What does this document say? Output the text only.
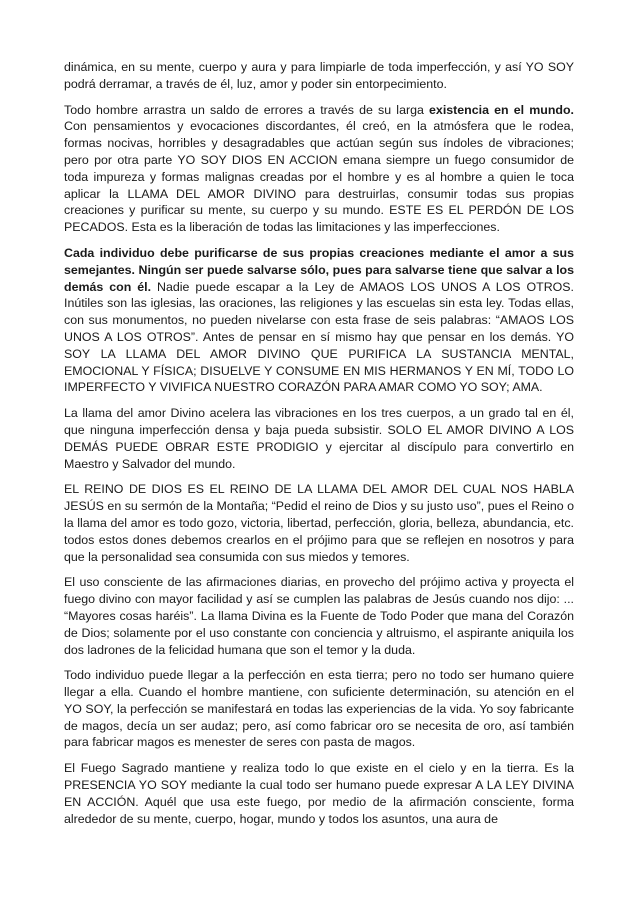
dinámica, en su mente, cuerpo y aura y para limpiarle de toda imperfección, y así YO SOY podrá derramar, a través de él, luz, amor y poder sin entorpecimiento.

Todo hombre arrastra un saldo de errores a través de su larga existencia en el mundo. Con pensamientos y evocaciones discordantes, él creó, en la atmósfera que le rodea, formas nocivas, horribles y desagradables que actúan según sus índoles de vibraciones; pero por otra parte YO SOY DIOS EN ACCION emana siempre un fuego consumidor de toda impureza y formas malignas creadas por el hombre y es al hombre a quien le toca aplicar la LLAMA DEL AMOR DIVINO para destruirlas, consumir todas sus propias creaciones y purificar su mente, su cuerpo y su mundo. ESTE ES EL PERDÓN DE LOS PECADOS. Esta es la liberación de todas las limitaciones y las imperfecciones.

Cada individuo debe purificarse de sus propias creaciones mediante el amor a sus semejantes. Ningún ser puede salvarse sólo, pues para salvarse tiene que salvar a los demás con él. Nadie puede escapar a la Ley de AMAOS LOS UNOS A LOS OTROS. Inútiles son las iglesias, las oraciones, las religiones y las escuelas sin esta ley. Todas ellas, con sus monumentos, no pueden nivelarse con esta frase de seis palabras: “AMAOS LOS UNOS A LOS OTROS”. Antes de pensar en sí mismo hay que pensar en los demás. YO SOY LA LLAMA DEL AMOR DIVINO QUE PURIFICA LA SUSTANCIA MENTAL, EMOCIONAL Y FÍSICA; DISUELVE Y CONSUME EN MIS HERMANOS Y EN MÍ, TODO LO IMPERFECTO Y VIVIFICA NUESTRO CORAZÓN PARA AMAR COMO YO SOY; AMA.

La llama del amor Divino acelera las vibraciones en los tres cuerpos, a un grado tal en él, que ninguna imperfección densa y baja pueda subsistir. SOLO EL AMOR DIVINO A LOS DEMÁS PUEDE OBRAR ESTE PRODIGIO y ejercitar al discípulo para convertirlo en Maestro y Salvador del mundo.

EL REINO DE DIOS ES EL REINO DE LA LLAMA DEL AMOR DEL CUAL NOS HABLA JESÚS en su sermón de la Montaña; “Pedid el reino de Dios y su justo uso”, pues el Reino o la llama del amor es todo gozo, victoria, libertad, perfección, gloria, belleza, abundancia, etc. todos estos dones debemos crearlos en el prójimo para que se reflejen en nosotros y para que la personalidad sea consumida con sus miedos y temores.

El uso consciente de las afirmaciones diarias, en provecho del prójimo activa y proyecta el fuego divino con mayor facilidad y así se cumplen las palabras de Jesús cuando nos dijo: ... “Mayores cosas haréis”. La llama Divina es la Fuente de Todo Poder que mana del Corazón de Dios; solamente por el uso constante con conciencia y altruismo, el aspirante aniquila los dos ladrones de la felicidad humana que son el temor y la duda.

Todo individuo puede llegar a la perfección en esta tierra; pero no todo ser humano quiere llegar a ella. Cuando el hombre mantiene, con suficiente determinación, su atención en el YO SOY, la perfección se manifestará en todas las experiencias de la vida. Yo soy fabricante de magos, decía un ser audaz; pero, así como fabricar oro se necesita de oro, así también para fabricar magos es menester de seres con pasta de magos.

El Fuego Sagrado mantiene y realiza todo lo que existe en el cielo y en la tierra. Es la PRESENCIA YO SOY mediante la cual todo ser humano puede expresar A LA LEY DIVINA EN ACCIÓN. Aquél que usa este fuego, por medio de la afirmación consciente, forma alrededor de su mente, cuerpo, hogar, mundo y todos los asuntos, una aura de
